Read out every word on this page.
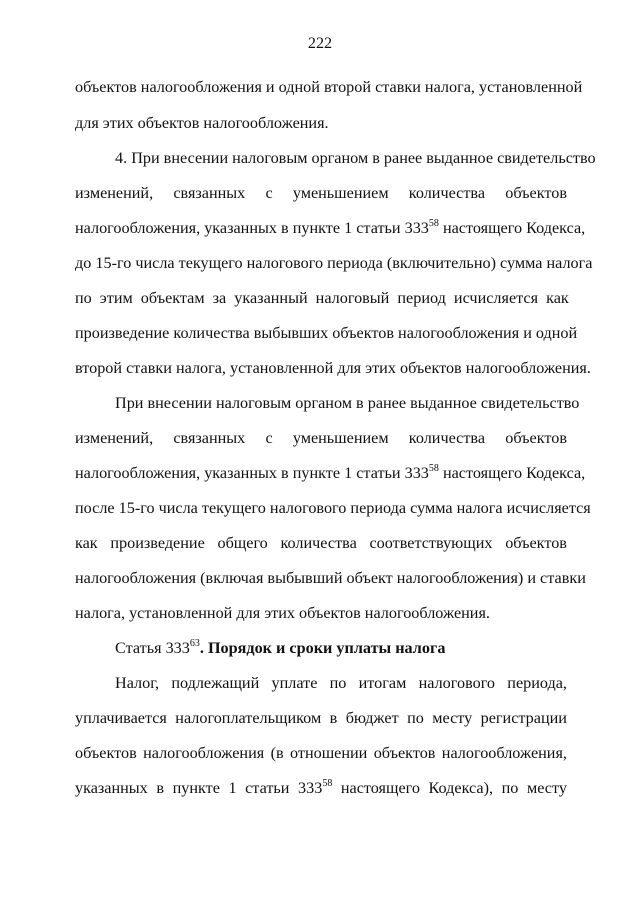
222
объектов налогообложения и одной второй ставки налога, установленной
для этих объектов налогообложения.
4. При внесении налоговым органом в ранее выданное свидетельство
изменений, связанных с уменьшением количества объектов
налогообложения, указанных в пункте 1 статьи $333^{58}$ настоящего Кодекса,
до 15-го числа текущего налогового периода (включительно) сумма налога
по этим объектам за указанный налоговый период исчисляется как
произведение количества выбывших объектов налогообложения и одной
второй ставки налога, установленной для этих объектов налогообложения.
При внесении налоговым органом в ранее выданное свидетельство
изменений, связанных с уменьшением количества объектов
налогообложения, указанных в пункте 1 статьи $333^{58}$ настоящего Кодекса,
после 15-го числа текущего налогового периода сумма налога исчисляется
как произведение общего количества соответствующих объектов
налогообложения (включая выбывший объект налогообложения) и ставки
налога, установленной для этих объектов налогообложения.
Статья $333^{63}$. Порядок и сроки уплаты налога
Налог, подлежащий уплате по итогам налогового периода,
уплачивается налогоплательщиком в бюджет по месту регистрации
объектов налогообложения (в отношении объектов налогообложения,
указанных в пункте 1 статьи $333^{58}$ настоящего Кодекса), по месту
